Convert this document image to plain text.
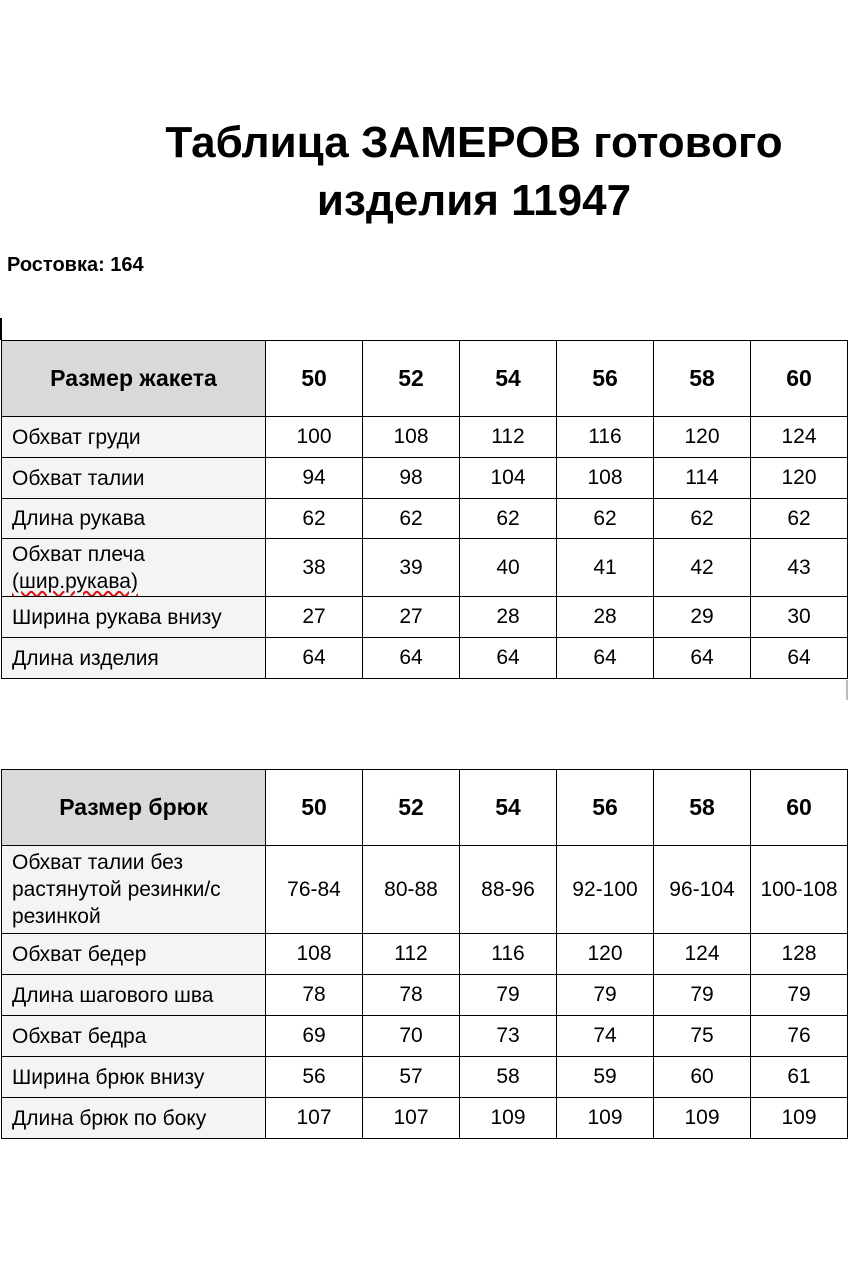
Таблица ЗАМЕРОВ готового
изделия 11947
Ростовка: 164
Размер жакета	50	52	54	56	58	60
Обхват груди	100	108	112	116	120	124
Обхват талии	94	98	104	108	114	120
Длина рукава	62	62	62	62	62	62
Обхват плеча
(шир.рукава)	38	39	40	41	42	43
Ширина рукава внизу	27	27	28	28	29	30
Длина изделия	64	64	64	64	64	64
Размер брюк	50	52	54	56	58	60
Обхват талии без растянутой резинки/с резинкой	76-84	80-88	88-96	92-100	96-104	100-108
Обхват бедер	108	112	116	120	124	128
Длина шагового шва	78	78	79	79	79	79
Обхват бедра	69	70	73	74	75	76
Ширина брюк внизу	56	57	58	59	60	61
Длина брюк по боку	107	107	109	109	109	109
